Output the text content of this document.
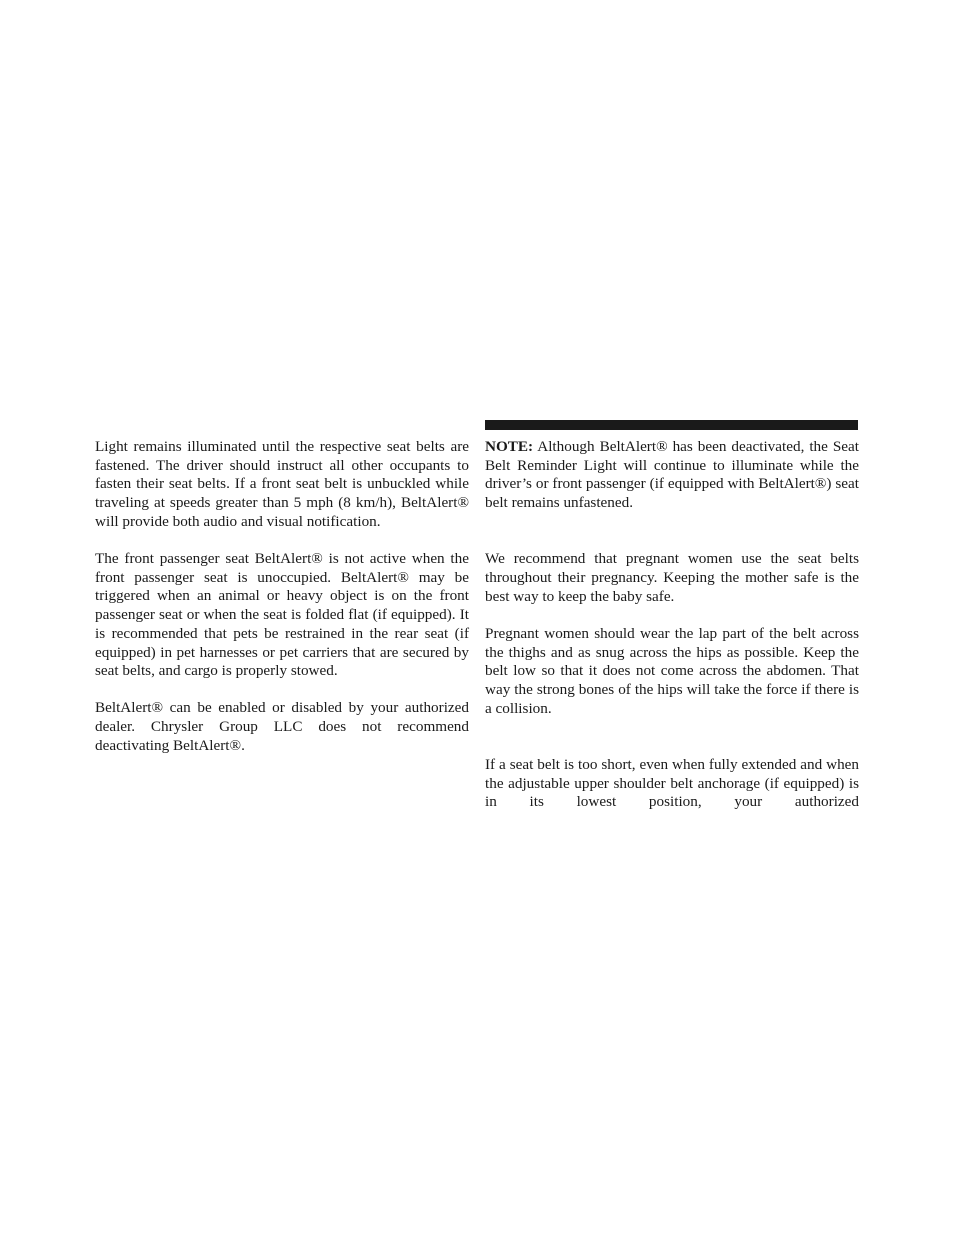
Light remains illuminated until the respective seat belts are fastened. The driver should instruct all other occupants to fasten their seat belts. If a front seat belt is unbuckled while traveling at speeds greater than 5 mph (8 km/h), BeltAlert® will provide both audio and visual notification.

The front passenger seat BeltAlert® is not active when the front passenger seat is unoccupied. BeltAlert® may be triggered when an animal or heavy object is on the front passenger seat or when the seat is folded flat (if equipped). It is recommended that pets be restrained in the rear seat (if equipped) in pet harnesses or pet carriers that are secured by seat belts, and cargo is properly stowed.

BeltAlert® can be enabled or disabled by your authorized dealer. Chrysler Group LLC does not recommend deactivating BeltAlert®.

NOTE: Although BeltAlert® has been deactivated, the Seat Belt Reminder Light will continue to illuminate while the driver’s or front passenger (if equipped with BeltAlert®) seat belt remains unfastened.

We recommend that pregnant women use the seat belts throughout their pregnancy. Keeping the mother safe is the best way to keep the baby safe.

Pregnant women should wear the lap part of the belt across the thighs and as snug across the hips as possible. Keep the belt low so that it does not come across the abdomen. That way the strong bones of the hips will take the force if there is a collision.

If a seat belt is too short, even when fully extended and when the adjustable upper shoulder belt anchorage (if equipped) is in its lowest position, your authorized
